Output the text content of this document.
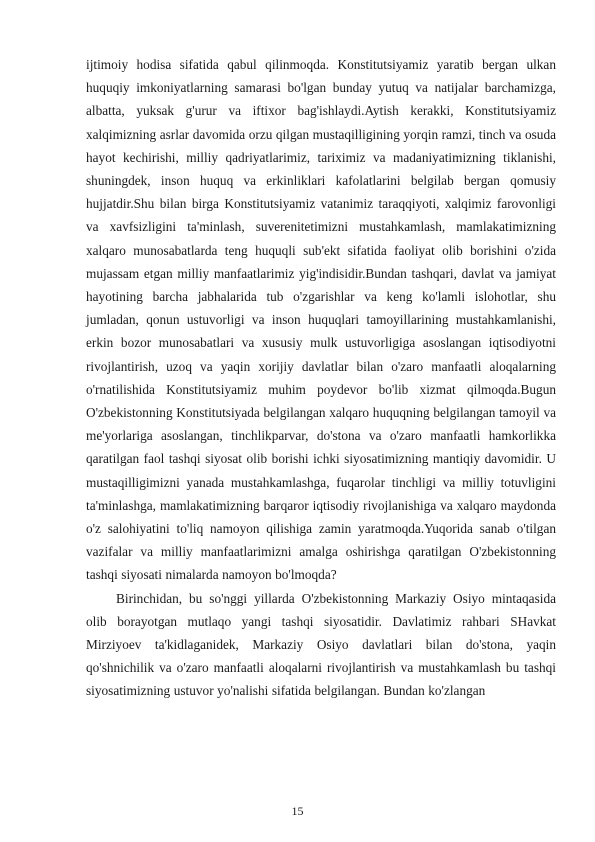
ijtimoiy hodisa sifatida qabul qilinmoqda. Konstitutsiyamiz yaratib bergan ulkan huquqiy imkoniyatlarning samarasi bo'lgan bunday yutuq va natijalar barchamizga, albatta, yuksak g'urur va iftixor bag'ishlaydi.Aytish kerakki, Konstitutsiyamiz xalqimizning asrlar davomida orzu qilgan mustaqilligining yorqin ramzi, tinch va osuda hayot kechirishi, milliy qadriyatlarimiz, tariximiz va madaniyatimizning tiklanishi, shuningdek, inson huquq va erkinliklari kafolatlarini belgilab bergan qomusiy hujjatdir.Shu bilan birga Konstitutsiyamiz vatanimiz taraqqiyoti, xalqimiz farovonligi va xavfsizligini ta'minlash, suverenitetimizni mustahkamlash, mamlakatimizning xalqaro munosabatlarda teng huquqli sub'ekt sifatida faoliyat olib borishini o'zida mujassam etgan milliy manfaatlarimiz yig'indisidir.Bundan tashqari, davlat va jamiyat hayotining barcha jabhalarida tub o'zgarishlar va keng ko'lamli islohotlar, shu jumladan, qonun ustuvorligi va inson huquqlari tamoyillarining mustahkamlanishi, erkin bozor munosabatlari va xususiy mulk ustuvorligiga asoslangan iqtisodiyotni rivojlantirish, uzoq va yaqin xorijiy davlatlar bilan o'zaro manfaatli aloqalarning o'rnatilishida Konstitutsiyamiz muhim poydevor bo'lib xizmat qilmoqda.Bugun O'zbekistonning Konstitutsiyada belgilangan xalqaro huquqning belgilangan tamoyil va me'yorlariga asoslangan, tinchlikparvar, do'stona va o'zaro manfaatli hamkorlikka qaratilgan faol tashqi siyosat olib borishi ichki siyosatimizning mantiqiy davomidir. U mustaqilligimizni yanada mustahkamlashga, fuqarolar tinchligi va milliy totuvligini ta'minlashga, mamlakatimizning barqaror iqtisodiy rivojlanishiga va xalqaro maydonda o'z salohiyatini to'liq namoyon qilishiga zamin yaratmoqda.Yuqorida sanab o'tilgan vazifalar va milliy manfaatlarimizni amalga oshirishga qaratilgan O'zbekistonning tashqi siyosati nimalarda namoyon bo'lmoqda?

Birinchidan, bu so'nggi yillarda O'zbekistonning Markaziy Osiyo mintaqasida olib borayotgan mutlaqo yangi tashqi siyosatidir. Davlatimiz rahbari SHavkat Mirziyoev ta'kidlaganidek, Markaziy Osiyo davlatlari bilan do'stona, yaqin qo'shnichilik va o'zaro manfaatli aloqalarni rivojlantirish va mustahkamlash bu tashqi siyosatimizning ustuvor yo'nalishi sifatida belgilangan. Bundan ko'zlangan

15
